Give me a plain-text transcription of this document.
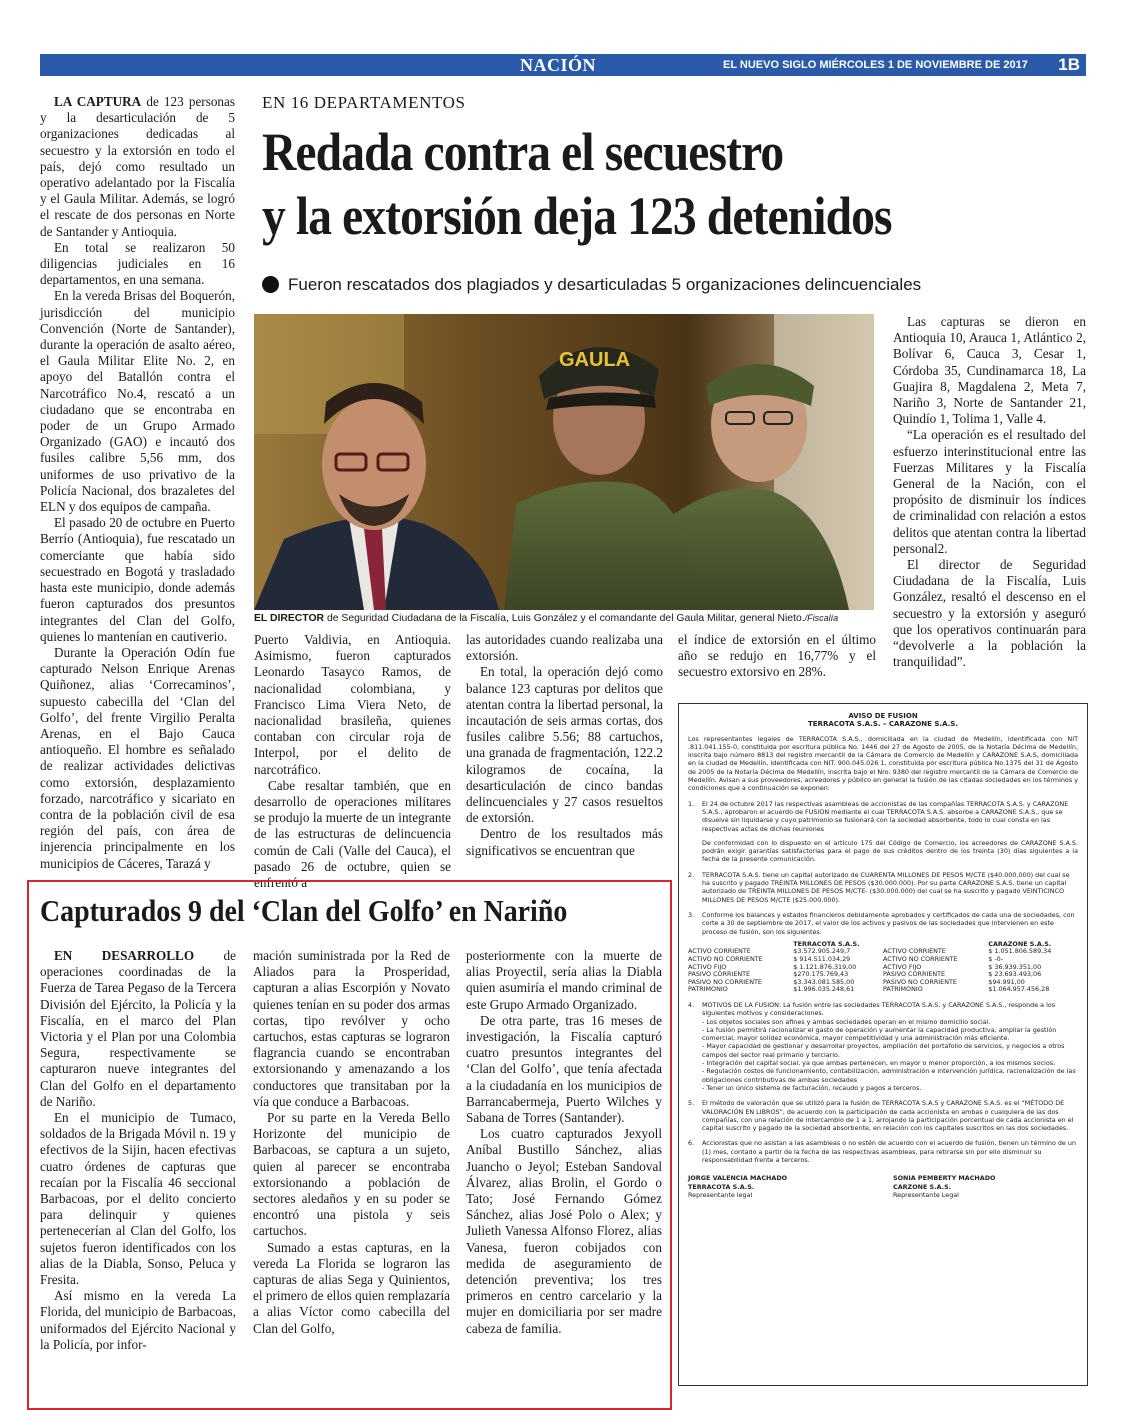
NACIÓN	EL NUEVO SIGLO MIÉRCOLES 1 DE NOVIEMBRE DE 2017 1B

LA CAPTURA de 123 personas y la desarticulación de 5 organizaciones dedicadas al secuestro y la extorsión en todo el país, dejó como resultado un operativo adelantado por la Fiscalía y el Gaula Militar. Además, se logró el rescate de dos personas en Norte de Santander y Antioquia.

En total se realizaron 50 diligencias judiciales en 16 departamentos, en una semana.

En la vereda Brisas del Boquerón, jurisdicción del municipio Convención (Norte de Santander), durante la operación de asalto aéreo, el Gaula Militar Elite No. 2, en apoyo del Batallón contra el Narcotráfico No.4, rescató a un ciudadano que se encontraba en poder de un Grupo Armado Organizado (GAO) e incautó dos fusiles calibre 5,56 mm, dos uniformes de uso privativo de la Policía Nacional, dos brazaletes del ELN y dos equipos de campaña.

El pasado 20 de octubre en Puerto Berrío (Antioquia), fue rescatado un comerciante que había sido secuestrado en Bogotá y trasladado hasta este municipio, donde además fueron capturados dos presuntos integrantes del Clan del Golfo, quienes lo mantenían en cautiverio.

Durante la Operación Odín fue capturado Nelson Enrique Arenas Quiñonez, alias ‘Correcaminos’, supuesto cabecilla del ‘Clan del Golfo’, del frente Virgilio Peralta Arenas, en el Bajo Cauca antioqueño. El hombre es señalado de realizar actividades delictivas como extorsión, desplazamiento forzado, narcotráfico y sicariato en contra de la población civil de esa región del país, con área de injerencia principalmente en los municipios de Cáceres, Tarazá y

EN 16 DEPARTAMENTOS
Redada contra el secuestro
y la extorsión deja 123 detenidos
Fueron rescatados dos plagiados y desarticuladas 5 organizaciones delincuenciales
GAULA
EL DIRECTOR de Seguridad Ciudadana de la Fiscalía, Luis González y el comandante del Gaula Militar, general Nieto./Fiscalía

Puerto Valdivia, en Antioquia. Asimismo, fueron capturados Leonardo Tasayco Ramos, de nacionalidad colombiana, y Francisco Lima Viera Neto, de nacionalidad brasileña, quienes contaban con circular roja de Interpol, por el delito de narcotráfico.

Cabe resaltar también, que en desarrollo de operaciones militares se produjo la muerte de un integrante de las estructuras de delincuencia común de Cali (Valle del Cauca), el pasado 26 de octubre, quien se enfrentó a

las autoridades cuando realizaba una extorsión.

En total, la operación dejó como balance 123 capturas por delitos que atentan contra la libertad personal, la incautación de seis armas cortas, dos fusiles calibre 5.56; 88 cartuchos, una granada de fragmentación, 122.2 kilogramos de cocaína, la desarticulación de cinco bandas delincuenciales y 27 casos resueltos de extorsión.

Dentro de los resultados más significativos se encuentran que

el índice de extorsión en el último año se redujo en 16,77% y el secuestro extorsivo en 28%.

Las capturas se dieron en Antioquia 10, Arauca 1, Atlántico 2, Bolívar 6, Cauca 3, Cesar 1, Córdoba 35, Cundinamarca 18, La Guajira 8, Magdalena 2, Meta 7, Nariño 3, Norte de Santander 21, Quindío 1, Tolima 1, Valle 4.

“La operación es el resultado del esfuerzo interinstitucional entre las Fuerzas Militares y la Fiscalía General de la Nación, con el propósito de disminuir los índices de criminalidad con relación a estos delitos que atentan contra la libertad personal2.

El director de Seguridad Ciudadana de la Fiscalía, Luis González, resaltó el descenso en el secuestro y la extorsión y aseguró que los operativos continuarán para “devolverle a la población la tranquilidad”.

Capturados 9 del ‘Clan del Golfo’ en Nariño

EN DESARROLLO de operaciones coordinadas de la Fuerza de Tarea Pegaso de la Tercera División del Ejército, la Policía y la Fiscalía, en el marco del Plan Victoria y el Plan por una Colombia Segura, respectivamente se capturaron nueve integrantes del Clan del Golfo en el departamento de Nariño.

En el municipio de Tumaco, soldados de la Brigada Móvil n. 19 y efectivos de la Sijin, hacen efectivas cuatro órdenes de capturas que recaían por la Fiscalía 46 seccional Barbacoas, por el delito concierto para delinquir y quienes pertenecerían al Clan del Golfo, los sujetos fueron identificados con los alias de la Diabla, Sonso, Peluca y Fresita.

Así mismo en la vereda La Florida, del municipio de Barbacoas, uniformados del Ejército Nacional y la Policía, por infor-

mación suministrada por la Red de Aliados para la Prosperidad, capturan a alias Escorpión y Novato quienes tenían en su poder dos armas cortas, tipo revólver y ocho cartuchos, estas capturas se lograron flagrancia cuando se encontraban extorsionando y amenazando a los conductores que transitaban por la vía que conduce a Barbacoas.

Por su parte en la Vereda Bello Horizonte del municipio de Barbacoas, se captura a un sujeto, quien al parecer se encontraba extorsionando a población de sectores aledaños y en su poder se encontró una pistola y seis cartuchos.

Sumado a estas capturas, en la vereda La Florida se lograron las capturas de alias Sega y Quinientos, el primero de ellos quien remplazaría a alias Víctor como cabecilla del Clan del Golfo,

posteriormente con la muerte de alias Proyectil, sería alias la Diabla quien asumiría el mando criminal de este Grupo Armado Organizado.

De otra parte, tras 16 meses de investigación, la Fiscalía capturó cuatro presuntos integrantes del ‘Clan del Golfo’, que tenía afectada a la ciudadanía en los municipios de Barrancabermeja, Puerto Wilches y Sabana de Torres (Santander).

Los cuatro capturados Jexyoll Aníbal Bustillo Sánchez, alias Juancho o Jeyol; Esteban Sandoval Álvarez, alias Brolin, el Gordo o Tato; José Fernando Gómez Sánchez, alias José Polo o Alex; y Julieth Vanessa Alfonso Florez, alias Vanesa, fueron cobijados con medida de aseguramiento de detención preventiva; los tres primeros en centro carcelario y la mujer en domiciliaria por ser madre cabeza de familia.

AVISO DE FUSION
TERRACOTA S.A.S. – CARAZONE S.A.S.

Los representantes legales de TERRACOTA S.A.S., domiciliada en la ciudad de Medellín, identificada con NIT .811.041.155-0, constituida por escritura pública No. 1446 del 27 de Agosto de 2005, de la Notaría Décima de Medellín, inscrita bajo número 8813 del registro mercantil de la Cámara de Comercio de Medellín y CARAZONE S.A.S, domiciliada en la ciudad de Medellín, identificada con NIT. 900.045.026 1, constituida por escritura pública No.1375 del 31 de Agosto de 2005 de la Notaría Décima de Medellín, inscrita bajo el Nro. 9380 del registro mercantil de la Cámara de Comercio de Medellín. Avisan a sus proveedores, acreedores y público en general la fusión de las citadas sociedades en los términos y condiciones que a continuación se exponen:

1. El 24 de octubre 2017 las respectivas asambleas de accionistas de las compañías TERRACOTA S.A.S. y CARAZONE S.A.S., aprobaron el acuerdo de FUSION mediante el cual TERRACOTA S.A.S. absorbe a CARAZONE S.A.S., que se disuelve sin liquidarse y cuyo patrimonio se fusionará con la sociedad absorbente, todo lo cual consta en las respectivas actas de dichas reuniones

De conformidad con lo dispuesto en el artículo 175 del Código de Comercio, los acreedores de CARAZONE S.A.S. podrán exigir garantías satisfactorias para el pago de sus créditos dentro de los treinta (30) días siguientes a la fecha de la presente comunicación.

2. TERRACOTA S.A.S. tiene un capital autorizado de CUARENTA MILLONES DE PESOS M/CTE ($40.000.000) del cual se ha suscrito y pagado TREINTA MILLONES DE PESOS ($30.000.000). Por su parte CARAZONE S.A.S. tiene un capital autorizado de TREINTA MILLONES DE PESOS M/CTE- ($30.000.000) del cual se ha suscrito y pagado VEINTICINCO MILLONES DE PESOS M/CTE ($25.000.000).
3. Conforme los balances y estados financieros debidamente aprobados y certificados de cada una de sociedades, con corte a 30 de septiembre de 2017, el valor de los activos y pasivos de las sociedades que intervienen en este proceso de fusión, son los siguientes:
	TERRACOTA S.A.S.		CARAZONE S.A.S.
ACTIVO CORRIENTE	$3.572.905.249,7	ACTIVO CORRIENTE	$ 1.051.806.589,34
ACTIVO NO CORRIENTE	$ 914.511.034,29	ACTIVO NO CORRIENTE	$ -0-
ACTIVO FIJO	$ 1.121.876.319,00	ACTIVO FIJO	$ 36.939.351,00
PASIVO CORRIENTE	$270.175.769,43	PASIVO CORRIENTE	$ 23.693.493,06
PASIVO NO CORRIENTE	$3.343.081.585,00	PASIVO NO CORRIENTE	$94.991,00
PATRIMONIO	$1.996.035.248,61	PATRIMONIO	$1.064.957.456,28
4. MOTIVOS DE LA FUSION: La fusión entre las sociedades TERRACOTA S.A.S. y CARAZONE S.A.S., responde a los siguientes motivos y consideraciones.
- Los objetos sociales son afines y ambas sociedades operan en el mismo domicilio social.
- La fusión permitirá racionalizar el gasto de operación y aumentar la capacidad productiva, ampliar la gestión comercial, mayor solidez económica, mayor competitividad y una administración más eficiente.
- Mayor capacidad de gestionar y desarrollar proyectos, ampliación del portafolio de servicios, y negocios a otros campos del sector real primario y terciario.
- Integración del capital social, ya que ambas pertenecen, en mayor o menor proporción, a los mismos socios.
- Regulación costos de funcionamiento, contabilización, administración e intervención jurídica, racionalización de las obligaciones contributivas de ambas sociedades
- Tener un único sistema de facturación, recaudo y pagos a terceros.
5. El método de valoración que se utilizó para la fusión de TERRACOTA S.A.S y CARAZONE S.A.S. es el “MÉTODO DE VALORACIÓN EN LIBROS”, de acuerdo con la participación de cada accionista en ambas o cualquiera de las dos compañías, con una relación de intercambio de 1 a 1, arrojando la participación porcentual de cada accionista en el capital suscrito y pagado de la sociedad absorbente, en relación con los capitales suscritos en las dos sociedades.
6. Accionistas que no asistan a las asambleas o no estén de acuerdo con el acuerdo de fusión, tienen un término de un (1) mes, contado a partir de la fecha de las respectivas asambleas, para retirarse sin por ello disminuir su responsabilidad frente a terceros.
JORGE VALENCIA MACHADO
TERRACOTA S.A.S.
Representante legal
SONIA PEMBERTY MACHADO
CARZONE S.A.S.
Representante Legal
